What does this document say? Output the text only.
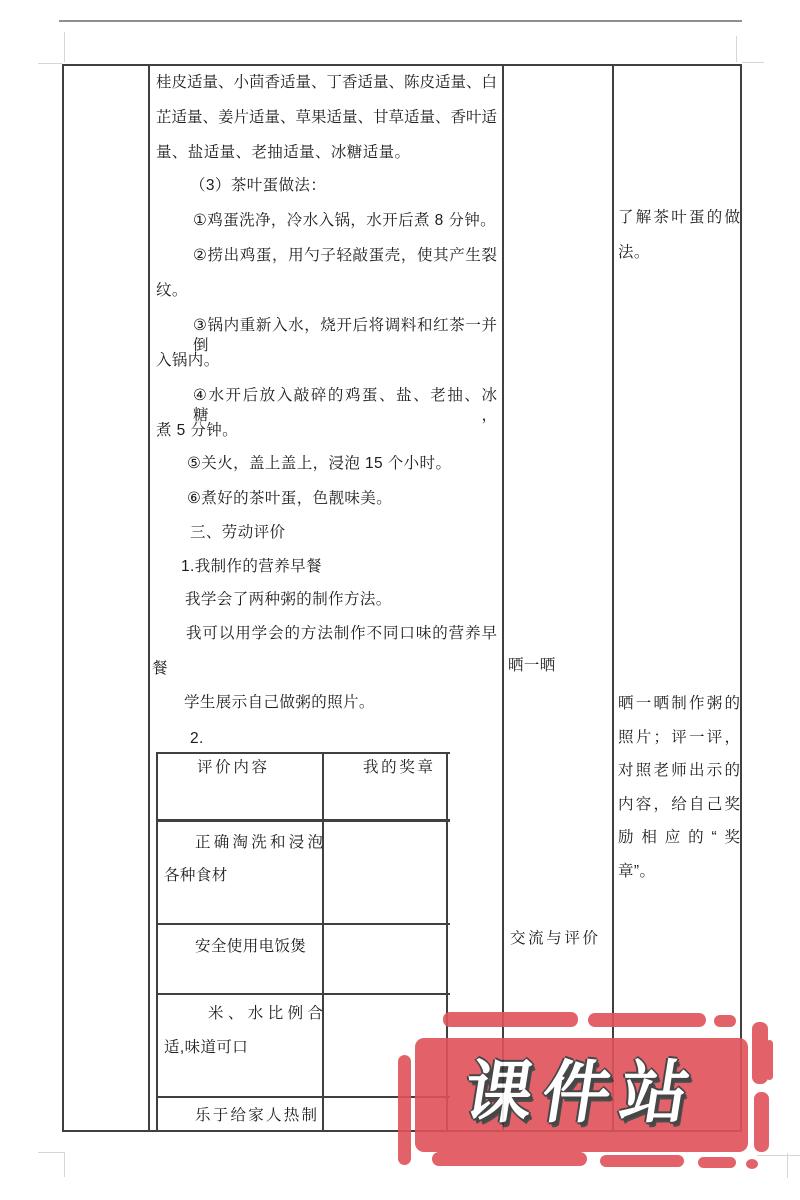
桂皮适量、小茴香适量、丁香适量、陈皮适量、白
芷适量、姜片适量、草果适量、甘草适量、香叶适
量、盐适量、老抽适量、冰糖适量。
（3）茶叶蛋做法：
①鸡蛋洗净，冷水入锅，水开后煮 8 分钟。
②捞出鸡蛋，用勺子轻敲蛋壳，使其产生裂
纹。
③锅内重新入水，烧开后将调料和红茶一并倒
入锅内。
④水开后放入敲碎的鸡蛋、盐、老抽、冰糖，
煮 5 分钟。
⑤关火，盖上盖上，浸泡 15 个小时。
⑥煮好的茶叶蛋，色靓味美。
三、劳动评价
1.我制作的营养早餐
我学会了两种粥的制作方法。
我可以用学会的方法制作不同口味的营养早
餐
学生展示自己做粥的照片。
2.
晒一晒
交流与评价
了解茶叶蛋的做
法。
晒一晒制作粥的
照片；评一评，
对照老师出示的
内容，给自己奖
励相应的“奖
章”。
评价内容	我的奖章
正确淘洗和浸泡
各种食材
安全使用电饭煲
米、水比例合
适,味道可口
乐于给家人热制	课件站
